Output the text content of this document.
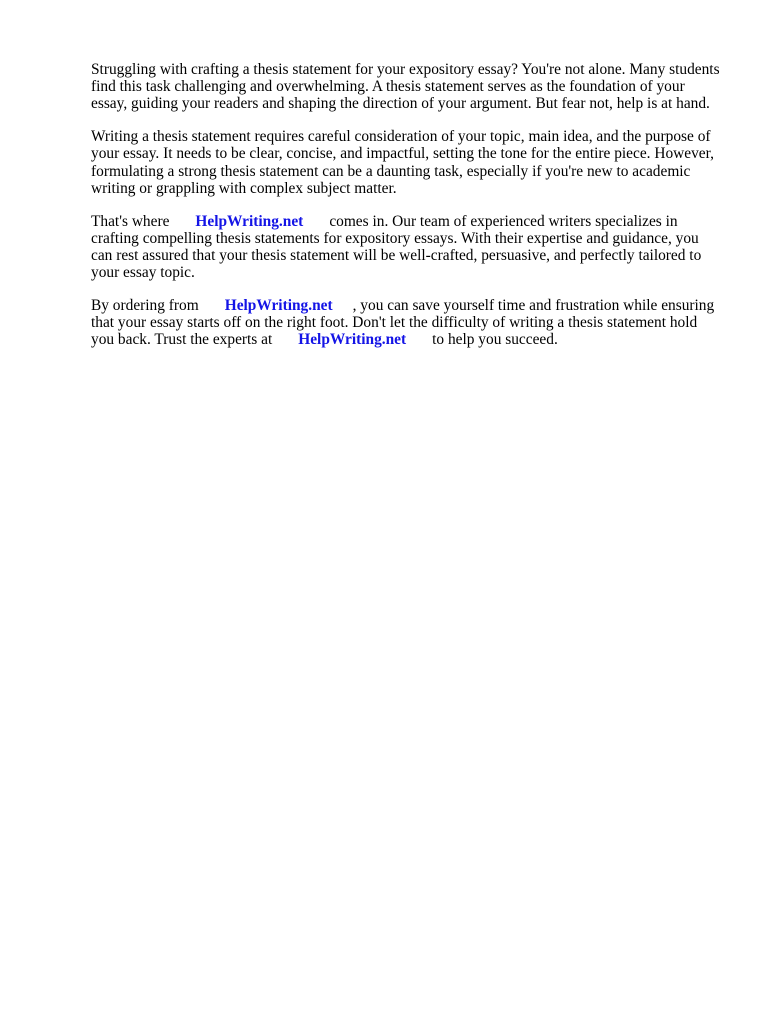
Struggling with crafting a thesis statement for your expository essay? You're not alone. Many students find this task challenging and overwhelming. A thesis statement serves as the foundation of your essay, guiding your readers and shaping the direction of your argument. But fear not, help is at hand.

Writing a thesis statement requires careful consideration of your topic, main idea, and the purpose of your essay. It needs to be clear, concise, and impactful, setting the tone for the entire piece. However, formulating a strong thesis statement can be a daunting task, especially if you're new to academic writing or grappling with complex subject matter.

That's where HelpWriting.net comes in. Our team of experienced writers specializes in crafting compelling thesis statements for expository essays. With their expertise and guidance, you can rest assured that your thesis statement will be well-crafted, persuasive, and perfectly tailored to your essay topic.

By ordering from HelpWriting.net , you can save yourself time and frustration while ensuring that your essay starts off on the right foot. Don't let the difficulty of writing a thesis statement hold you back. Trust the experts at HelpWriting.net to help you succeed.
